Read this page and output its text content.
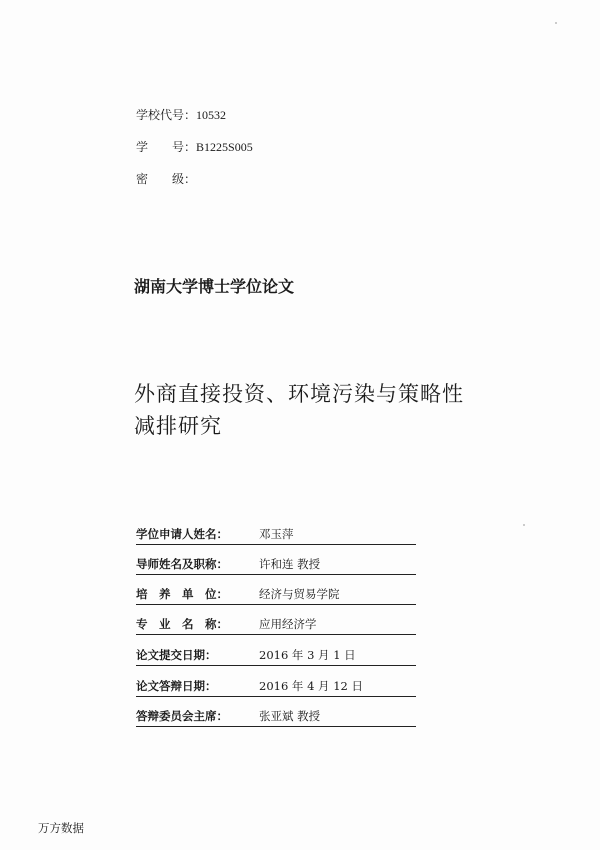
学校代号：10532
学　　号：B1225S005
密　　级：
湖南大学博士学位论文
外商直接投资、环境污染与策略性
减排研究
学位申请人姓名：	邓玉萍
导师姓名及职称：	许和连 教授
培　养　单　位：	经济与贸易学院
专　业　名　称：	应用经济学
论文提交日期：	2016 年 3 月 1 日
论文答辩日期：	2016 年 4 月 12 日
答辩委员会主席：	张亚斌 教授
万方数据
